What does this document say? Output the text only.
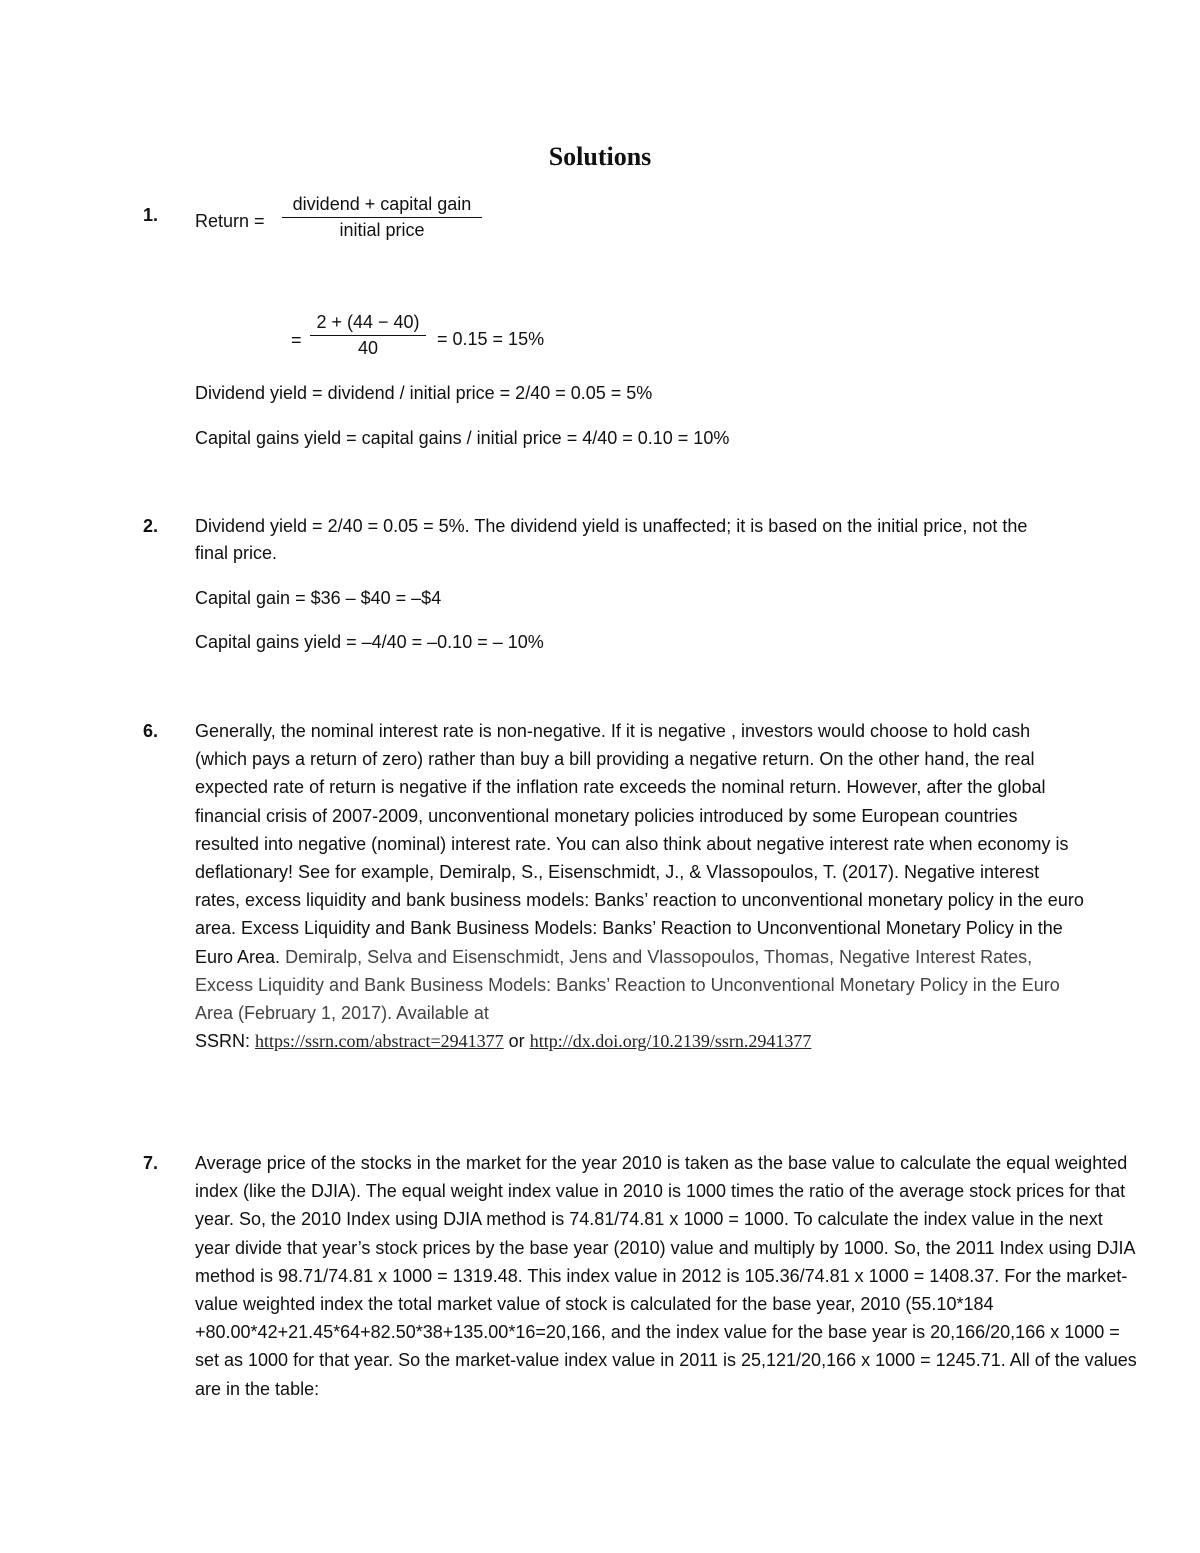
Solutions
1. Return =
dividend + capital gain
initial price
= $\frac{2 + (44 - 40)}{40} = 0.15 = 15\%$
Dividend yield = dividend / initial price = 2/40 = 0.05 = 5%
Capital gains yield = capital gains / initial price = 4/40 = 0.10 = 10%
2. Dividend yield = 2/40 = 0.05 = 5%. The dividend yield is unaffected; it is based on the initial price, not the
final price.
Capital gain = $36 – $40 = –$4
Capital gains yield = –4/40 = –0.10 = – 10%
6. Generally, the nominal interest rate is non-negative. If it is negative , investors would choose to hold cash (which pays a return of zero) rather than buy a bill providing a negative return. On the other hand, the real expected rate of return is negative if the inflation rate exceeds the nominal return. However, after the global financial crisis of 2007-2009, unconventional monetary policies introduced by some European countries resulted into negative (nominal) interest rate. You can also think about negative interest rate when economy is deflationary! See for example, Demiralp, S., Eisenschmidt, J., & Vlassopoulos, T. (2017). Negative interest rates, excess liquidity and bank business models: Banks’ reaction to unconventional monetary policy in the euro area. Excess Liquidity and Bank Business Models: Banks’ Reaction to Unconventional Monetary Policy in the Euro Area. Demiralp, Selva and Eisenschmidt, Jens and Vlassopoulos, Thomas, Negative Interest Rates, Excess Liquidity and Bank Business Models: Banks’ Reaction to Unconventional Monetary Policy in the Euro Area (February 1, 2017). Available at

SSRN: https://ssrn.com/abstract=2941377 or http://dx.doi.org/10.2139/ssrn.2941377

7. Average price of the stocks in the market for the year 2010 is taken as the base value to calculate the equal weighted index (like the DJIA). The equal weight index value in 2010 is 1000 times the ratio of the average stock prices for that year. So, the 2010 Index using DJIA method is 74.81/74.81 x 1000 = 1000. To calculate the index value in the next year divide that year’s stock prices by the base year (2010) value and multiply by 1000. So, the 2011 Index using DJIA method is 98.71/74.81 x 1000 = 1319.48. This index value in 2012 is 105.36/74.81 x 1000 = 1408.37. For the market-value weighted index the total market value of stock is calculated for the base year, 2010 (55.10*184 +80.00*42+21.45*64+82.50*38+135.00*16=20,166, and the index value for the base year is 20,166/20,166 x 1000 = set as 1000 for that year. So the market-value index value in 2011 is 25,121/20,166 x 1000 = 1245.71. All of the values are in the table:
